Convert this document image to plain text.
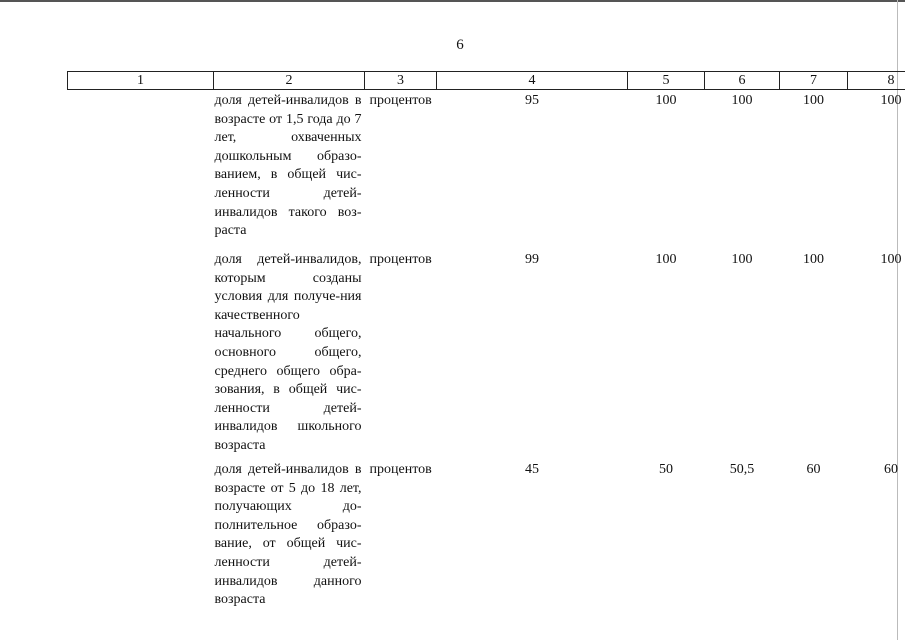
6
1	2	3	4	5	6	7	8
	доля детей-инвалидов в возрасте от 1,5 года до 7 лет, охваченных дошкольным образо-ванием, в общей чис-ленности детей-инвалидов такого воз-раста	процентов	95	100	100	100	100
	доля детей-инвалидов, которым созданы условия для получе-ния качественного начального общего, основного общего, среднего общего обра-зования, в общей чис-ленности детей-инвалидов школьного возраста	процентов	99	100	100	100	100
	доля детей-инвалидов в возрасте от 5 до 18 лет, получающих до-полнительное образо-вание, от общей чис-ленности детей-инвалидов данного возраста	процентов	45	50	50,5	60	60
